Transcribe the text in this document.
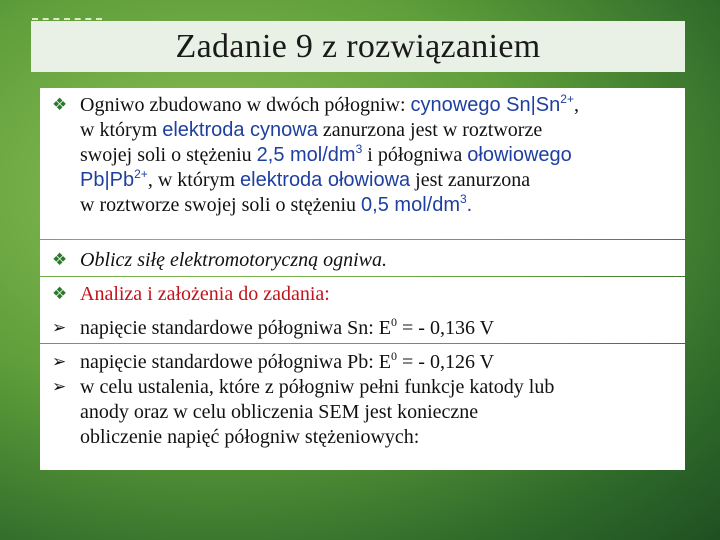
Zadanie 9 z rozwiązaniem
❖ Ogniwo zbudowano w dwóch półogniw: cynowego $Sn|Sn^{2+}$,
w którym elektroda cynowa zanurzona jest w roztworze
swojej soli o stężeniu 2,5 mol/$dm^3$ i półogniwa ołowiowego
$Pb|Pb^{2+}$, w którym elektroda ołowiowa jest zanurzona
w roztworze swojej soli o stężeniu 0,5 mol/$dm^3$.
❖ Oblicz siłę elektromotoryczną ogniwa.
❖ Analiza i założenia do zadania:
➢ napięcie standardowe półogniwa Sn: $E^0$ = - 0,136 V
➢ napięcie standardowe półogniwa Pb: $E^0$ = - 0,126 V
➢ w celu ustalenia, które z półogniw pełni funkcje katody lub
anody oraz w celu obliczenia SEM jest konieczne
obliczenie napięć półogniw stężeniowych:
